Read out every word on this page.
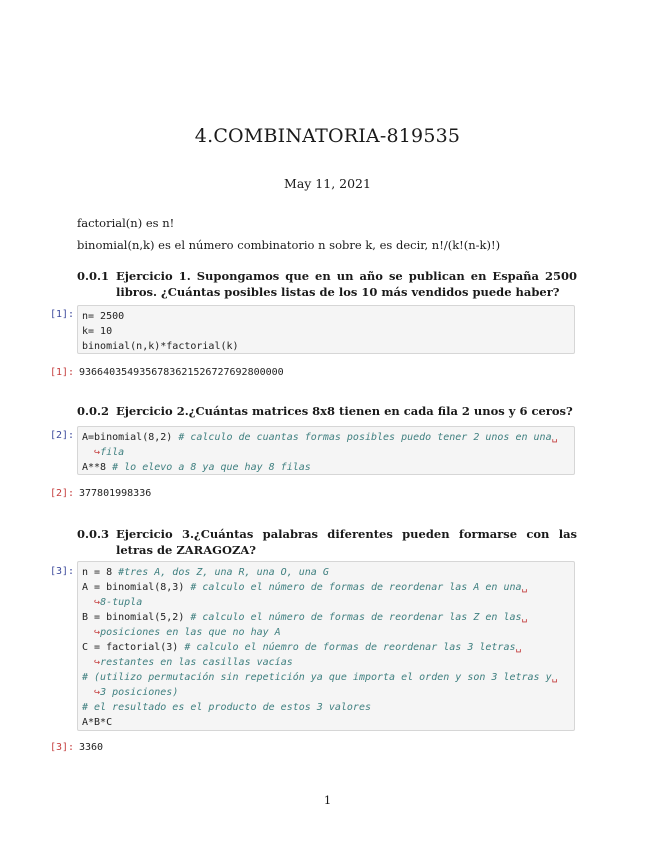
4.COMBINATORIA-819535
May 11, 2021
factorial(n) es n!
binomial(n,k) es el número combinatorio n sobre k, es decir, n!/(k!(n-k)!)
0.0.1 Ejercicio 1. Supongamos que en un año se publican en España 2500 libros. ¿Cuántas posibles listas de los 10 más vendidos puede haber?
[1]: n= 2500
k= 10
binomial(n,k)*factorial(k)
[1]: 9366403549356783621526727692800000
0.0.2 Ejercicio 2.¿Cuántas matrices 8x8 tienen en cada fila 2 unos y 6 ceros?
[2]: A=binomial(8,2) # calculo de cuantas formas posibles puedo tener 2 unos en una␣
↪fila
A**8 # lo elevo a 8 ya que hay 8 filas
[2]: 377801998336
0.0.3 Ejercicio 3.¿Cuántas palabras diferentes pueden formarse con las letras de ZARAGOZA?
[3]: n = 8 #tres A, dos Z, una R, una O, una G
A = binomial(8,3) # calculo el número de formas de reordenar las A en una␣
↪8-tupla
B = binomial(5,2) # calculo el número de formas de reordenar las Z en las␣
↪posiciones en las que no hay A
C = factorial(3) # calculo el núemro de formas de reordenar las 3 letras␣
↪restantes en las casillas vacías
# (utilizo permutación sin repetición ya que importa el orden y son 3 letras y␣
↪3 posiciones)
# el resultado es el producto de estos 3 valores
A*B*C
[3]: 3360
1
